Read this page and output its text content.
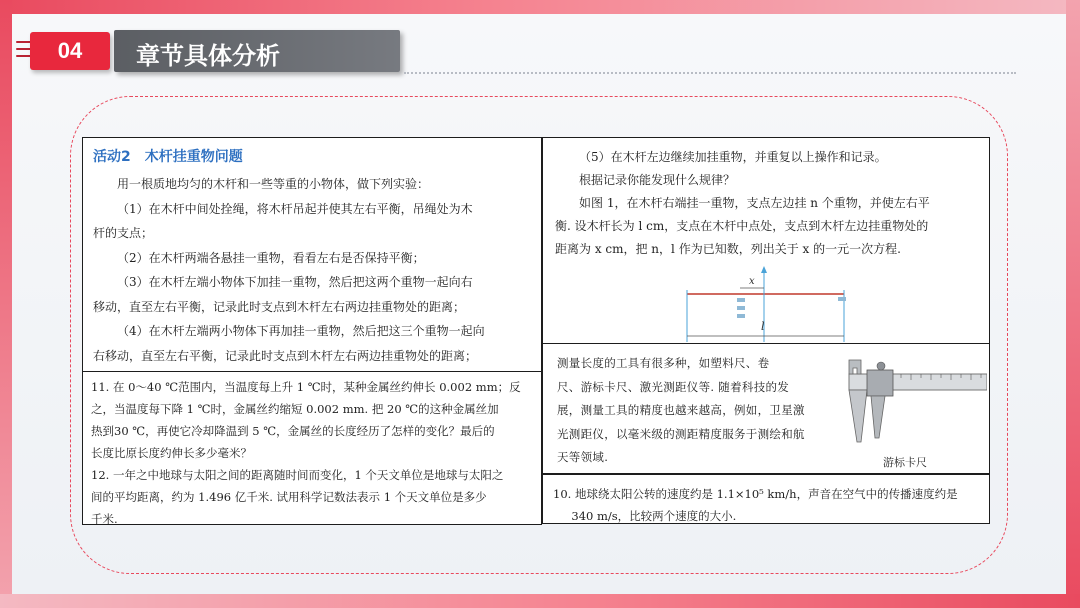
04	章节具体分析
活动2　木杆挂重物问题
用一根质地均匀的木杆和一些等重的小物体，做下列实验：
（1）在木杆中间处拴绳，将木杆吊起并使其左右平衡，吊绳处为木
杆的支点；
（2）在木杆两端各悬挂一重物，看看左右是否保持平衡；
（3）在木杆左端小物体下加挂一重物，然后把这两个重物一起向右
移动，直至左右平衡，记录此时支点到木杆左右两边挂重物处的距离；
（4）在木杆左端两小物体下再加挂一重物，然后把这三个重物一起向
右移动，直至左右平衡，记录此时支点到木杆左右两边挂重物处的距离；
（5）在木杆左边继续加挂重物，并重复以上操作和记录。
根据记录你能发现什么规律？
如图 1，在木杆右端挂一重物，支点左边挂 n 个重物，并使左右平
衡. 设木杆长为 l cm，支点在木杆中点处，支点到木杆左边挂重物处的
距离为 x cm，把 n，l 作为已知数，列出关于 x 的一元一次方程.
x
l
11. 在 0～40 ℃范围内，当温度每上升 1 ℃时，某种金属丝约伸长 0.002 mm；反
之，当温度每下降 1 ℃时，金属丝约缩短 0.002 mm. 把 20 ℃的这种金属丝加
热到30 ℃，再使它冷却降温到 5 ℃，金属丝的长度经历了怎样的变化？最后的
长度比原长度约伸长多少毫米？
12. 一年之中地球与太阳之间的距离随时间而变化，1 个天文单位是地球与太阳之
间的平均距离，约为 1.496 亿千米. 试用科学记数法表示 1 个天文单位是多少
千米.
测量长度的工具有很多种，如塑料尺、卷
尺、游标卡尺、激光测距仪等. 随着科技的发
展，测量工具的精度也越来越高，例如，卫星激
光测距仪，以毫米级的测距精度服务于测绘和航
天等领域.	游标卡尺
10. 地球绕太阳公转的速度约是 1.1×10⁵ km/h，声音在空气中的传播速度约是
340 m/s，比较两个速度的大小.
